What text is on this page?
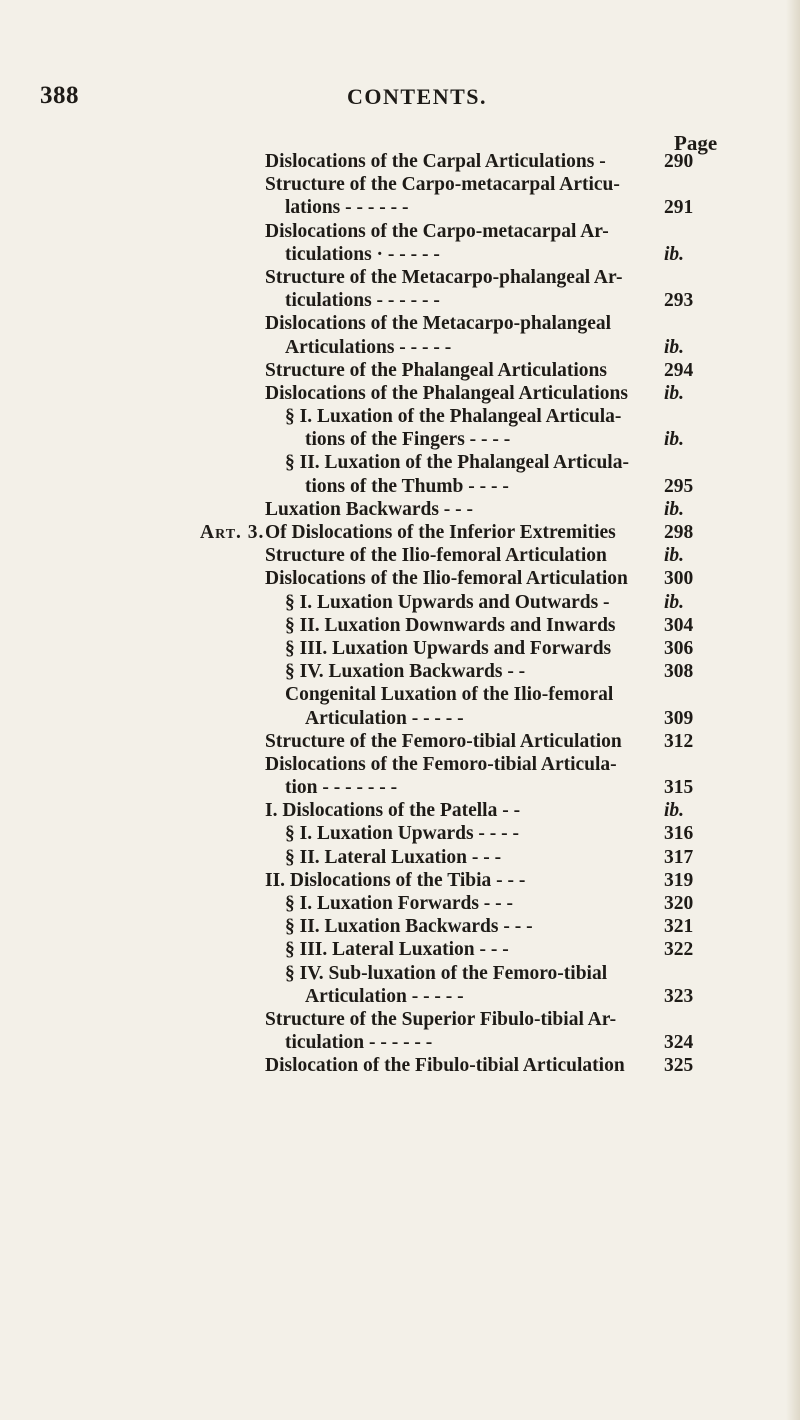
388	CONTENTS.
Page
Dislocations of the Carpal Articulations -	290
Structure of the Carpo-metacarpal Articu-
lations - - - - - -	291
Dislocations of the Carpo-metacarpal Ar-
ticulations · - - - - -	ib.
Structure of the Metacarpo-phalangeal Ar-
ticulations - - - - - -	293
Dislocations of the Metacarpo-phalangeal
Articulations - - - - -	ib.
Structure of the Phalangeal Articulations	294
Dislocations of the Phalangeal Articulations ib.
§ I. Luxation of the Phalangeal Articula-
tions of the Fingers - - - -	ib.
§ II. Luxation of the Phalangeal Articula-
tions of the Thumb - - - -	295
Luxation Backwards - - -	ib.
Art. 3. Of Dislocations of the Inferior Extremities 298
Structure of the Ilio-femoral Articulation	ib.
Dislocations of the Ilio-femoral Articulation 300
§ I. Luxation Upwards and Outwards -	ib.
§ II. Luxation Downwards and Inwards 304
§ III. Luxation Upwards and Forwards	306
§ IV. Luxation Backwards - -	308
Congenital Luxation of the Ilio-femoral
Articulation - - - - -	309
Structure of the Femoro-tibial Articulation 312
Dislocations of the Femoro-tibial Articula-
tion - - - - - - -	315
I. Dislocations of the Patella - -	ib.
§ I. Luxation Upwards - - - -	316
§ II. Lateral Luxation - - -	317
II. Dislocations of the Tibia - - -	319
§ I. Luxation Forwards - - -	320
§ II. Luxation Backwards - - -	321
§ III. Lateral Luxation - - -	322
§ IV. Sub-luxation of the Femoro-tibial
Articulation - - - - -	323
Structure of the Superior Fibulo-tibial Ar-
ticulation - - - - - -	324
Dislocation of the Fibulo-tibial Articulation 325
